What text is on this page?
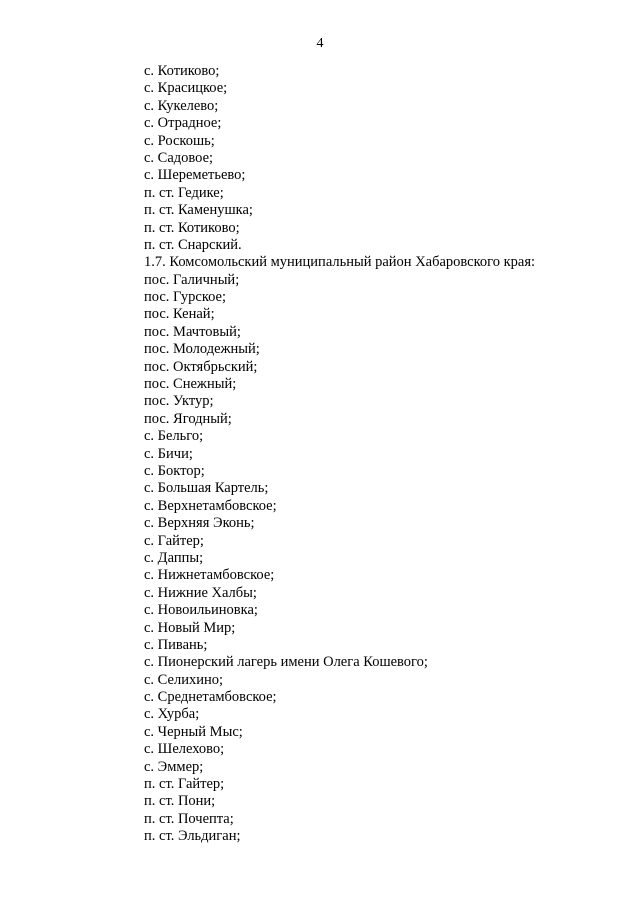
4
с. Котиково;
с. Красицкое;
с. Кукелево;
с. Отрадное;
с. Роскошь;
с. Садовое;
с. Шереметьево;
п. ст. Гедике;
п. ст. Каменушка;
п. ст. Котиково;
п. ст. Снарский.
1.7. Комсомольский муниципальный район Хабаровского края:
пос. Галичный;
пос. Гурское;
пос. Кенай;
пос. Мачтовый;
пос. Молодежный;
пос. Октябрьский;
пос. Снежный;
пос. Уктур;
пос. Ягодный;
с. Бельго;
с. Бичи;
с. Боктор;
с. Большая Картель;
с. Верхнетамбовское;
с. Верхняя Эконь;
с. Гайтер;
с. Даппы;
с. Нижнетамбовское;
с. Нижние Халбы;
с. Новоильиновка;
с. Новый Мир;
с. Пивань;
с. Пионерский лагерь имени Олега Кошевого;
с. Селихино;
с. Среднетамбовское;
с. Хурба;
с. Черный Мыс;
с. Шелехово;
с. Эммер;
п. ст. Гайтер;
п. ст. Пони;
п. ст. Почепта;
п. ст. Эльдиган;
